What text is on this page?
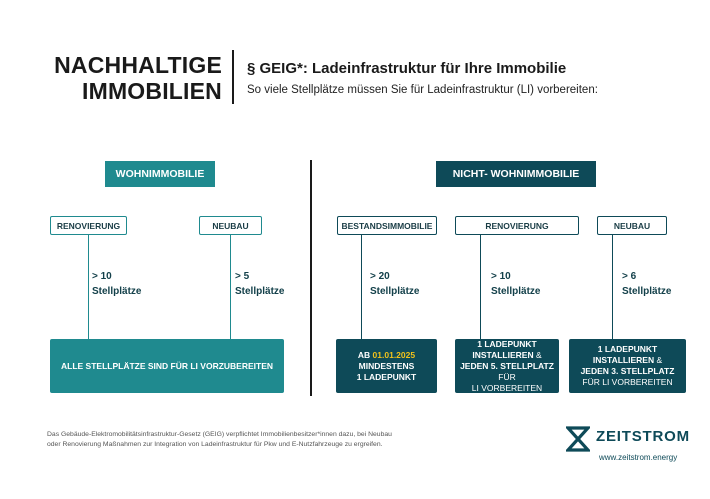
NACHHALTIGE
IMMOBILIEN
§ GEIG*: Ladeinfrastruktur für Ihre Immobilie
So viele Stellplätze müssen Sie für Ladeinfrastruktur (LI) vorbereiten:
WOHNIMMOBILIE
RENOVIERUNG
> 10
Stellplätze
NEUBAU
> 5
Stellplätze
ALLE STELLPLÄTZE SIND FÜR LI VORZUBEREITEN
NICHT- WOHNIMMOBILIE
BESTANDSIMMOBILIE
> 20
Stellplätze
AB 01.01.2025
MINDESTENS
1 LADEPUNKT
RENOVIERUNG
> 10
Stellplätze
1 LADEPUNKT
INSTALLIEREN &
JEDEN 5. STELLPLATZ FÜR
LI VORBEREITEN
NEUBAU
> 6
Stellplätze
1 LADEPUNKT
INSTALLIEREN &
JEDEN 3. STELLPLATZ
FÜR LI VORBEREITEN
Das Gebäude-Elektromobilitätsinfrastruktur-Gesetz (GEIG) verpflichtet Immobilienbesitzer*innen dazu, bei Neubau
oder Renovierung Maßnahmen zur Integration von Ladeinfrastruktur für Pkw und E-Nutzfahrzeuge zu ergreifen.	ZEITSTROM
www.zeitstrom.energy
